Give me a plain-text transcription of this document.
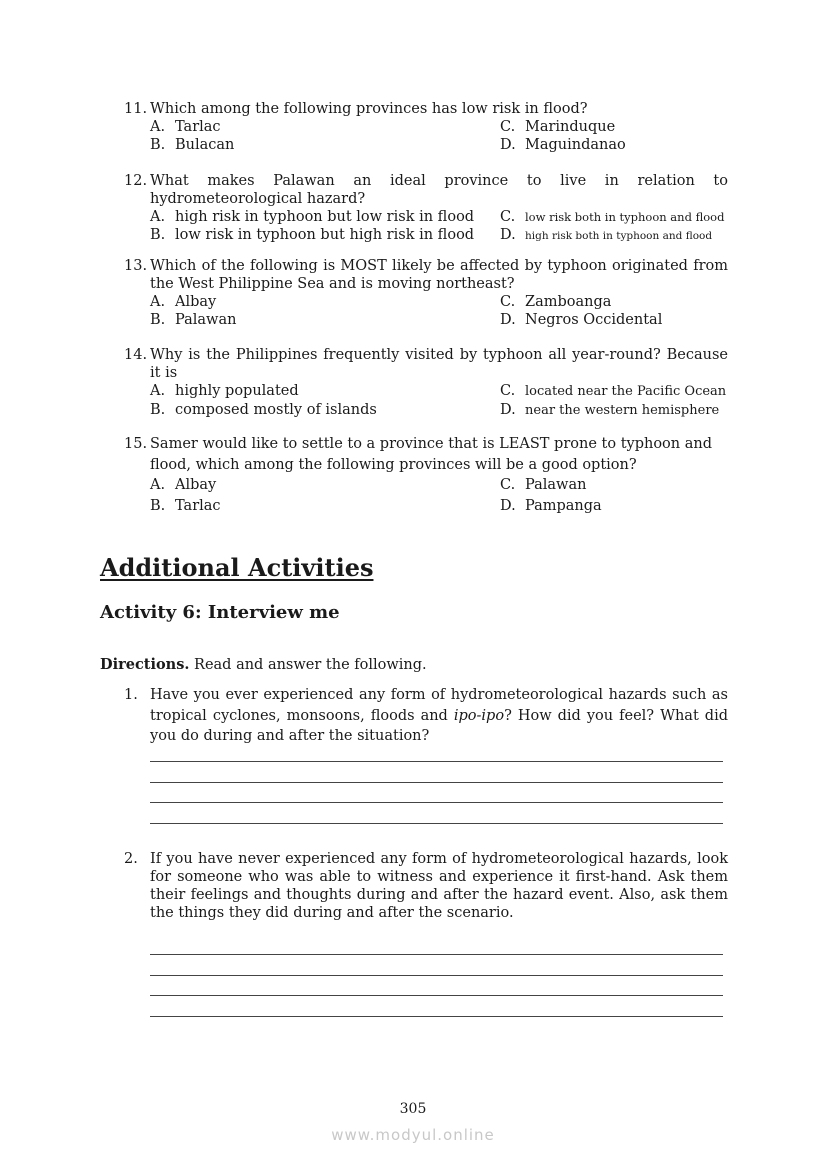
11. Which among the following provinces has low risk in flood?
A. Tarlac	C. Marinduque
B. Bulacan	D. Maguindanao
12. What makes Palawan an ideal province to live in relation to
hydrometeorological hazard?
A. high risk in typhoon but low risk in flood	C. low risk both in typhoon and flood
B. low risk in typhoon but high risk in flood	D. high risk both in typhoon and flood
13. Which of the following is MOST likely be affected by typhoon originated from the West Philippine Sea and is moving northeast?
A. Albay	C. Zamboanga
B. Palawan	D. Negros Occidental
14. Why is the Philippines frequently visited by typhoon all year-round? Because it is
A. highly populated	C. located near the Pacific Ocean
B. composed mostly of islands	D. near the western hemisphere
15. Samer would like to settle to a province that is LEAST prone to typhoon and flood, which among the following provinces will be a good option?
A. Albay	C. Palawan
B. Tarlac	D. Pampanga
Additional Activities
Activity 6: Interview me
Directions. Read and answer the following.
1. Have you ever experienced any form of hydrometeorological hazards such as tropical cyclones, monsoons, floods and ipo-ipo? How did you feel? What did you do during and after the situation?
2. If you have never experienced any form of hydrometeorological hazards, look for someone who was able to witness and experience it first-hand. Ask them their feelings and thoughts during and after the hazard event. Also, ask them the things they did during and after the scenario.
305
www.modyul.online
